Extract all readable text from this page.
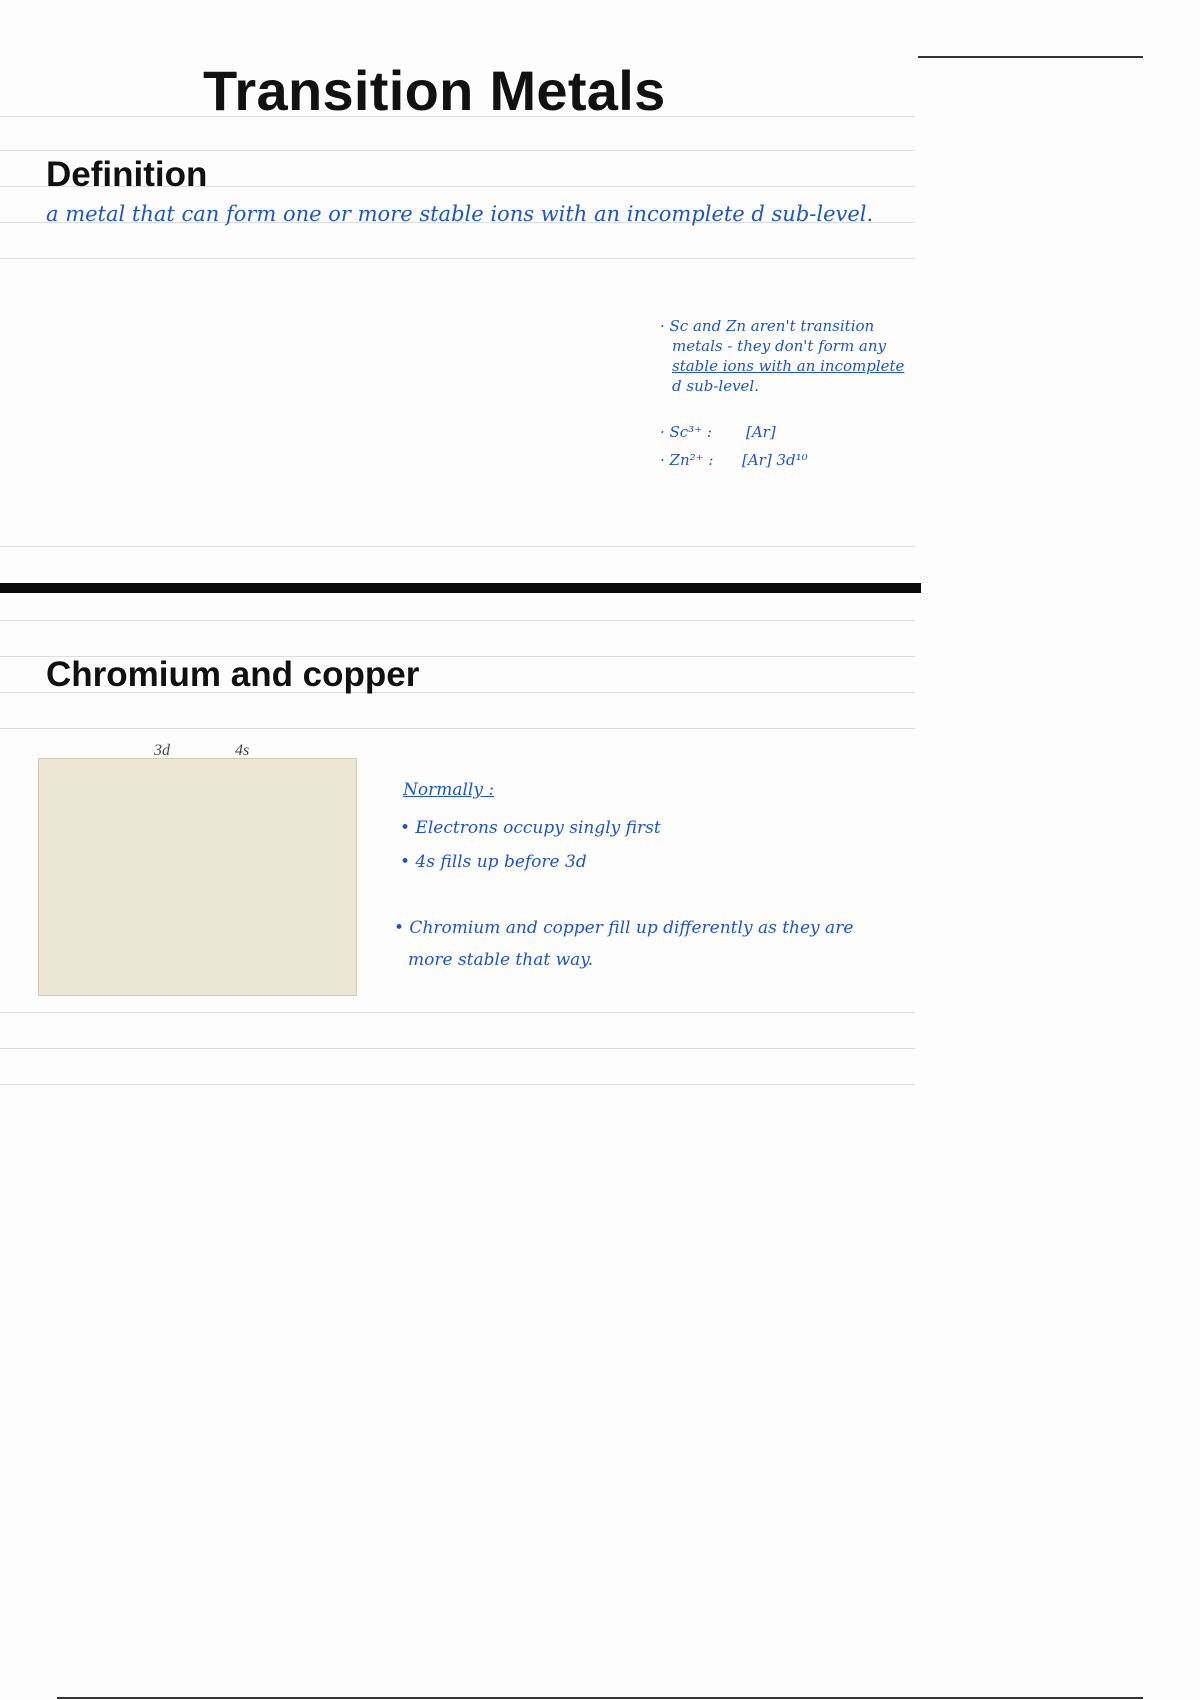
Transition Metals
Definition
a metal that can form one or more stable ions with an incomplete d sub-level.
· Sc and Zn aren't transition
metals - they don't form any
stable ions with an incomplete
d sub-level.
· Sc³⁺ : [Ar]
· Zn²⁺ : [Ar] 3d¹⁰
Chromium and copper
3d	4s
Normally :
• Electrons occupy singly first
• 4s fills up before 3d
• Chromium and copper fill up differently as they are
more stable that way.
